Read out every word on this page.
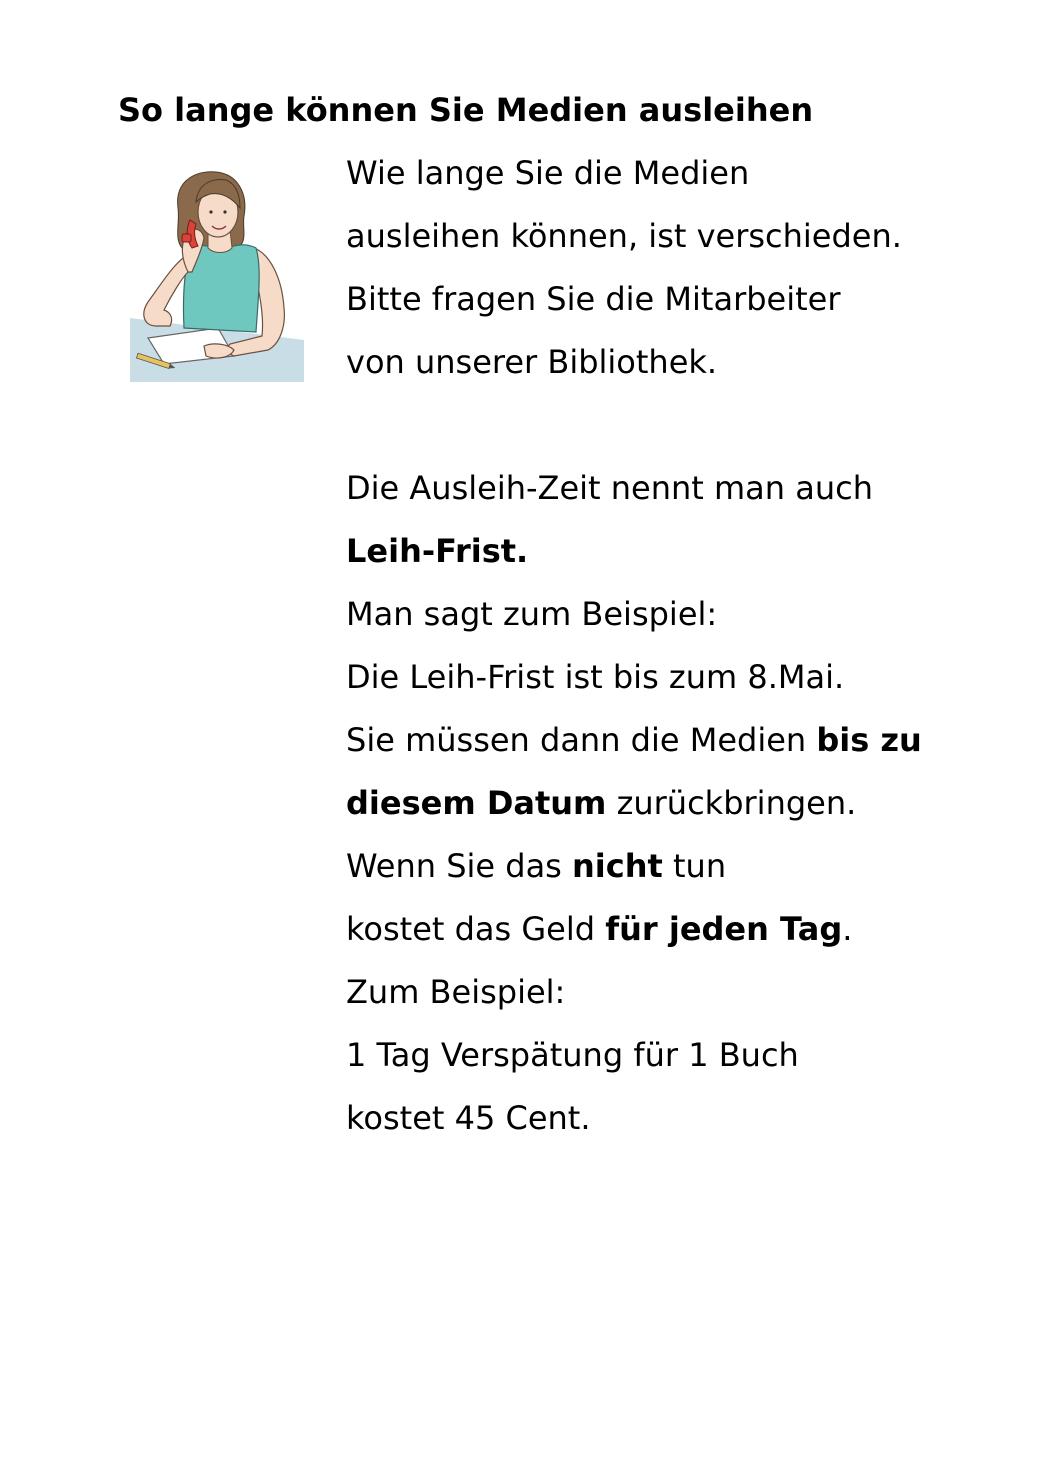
So lange können Sie Medien ausleihen
Wie lange Sie die Medien
ausleihen können, ist verschieden.
Bitte fragen Sie die Mitarbeiter
von unserer Bibliothek.
Die Ausleih-Zeit nennt man auch
Leih-Frist.
Man sagt zum Beispiel:
Die Leih-Frist ist bis zum 8.Mai.
Sie müssen dann die Medien bis zu
diesem Datum zurückbringen.
Wenn Sie das nicht tun
kostet das Geld für jeden Tag.
Zum Beispiel:
1 Tag Verspätung für 1 Buch
kostet 45 Cent.
